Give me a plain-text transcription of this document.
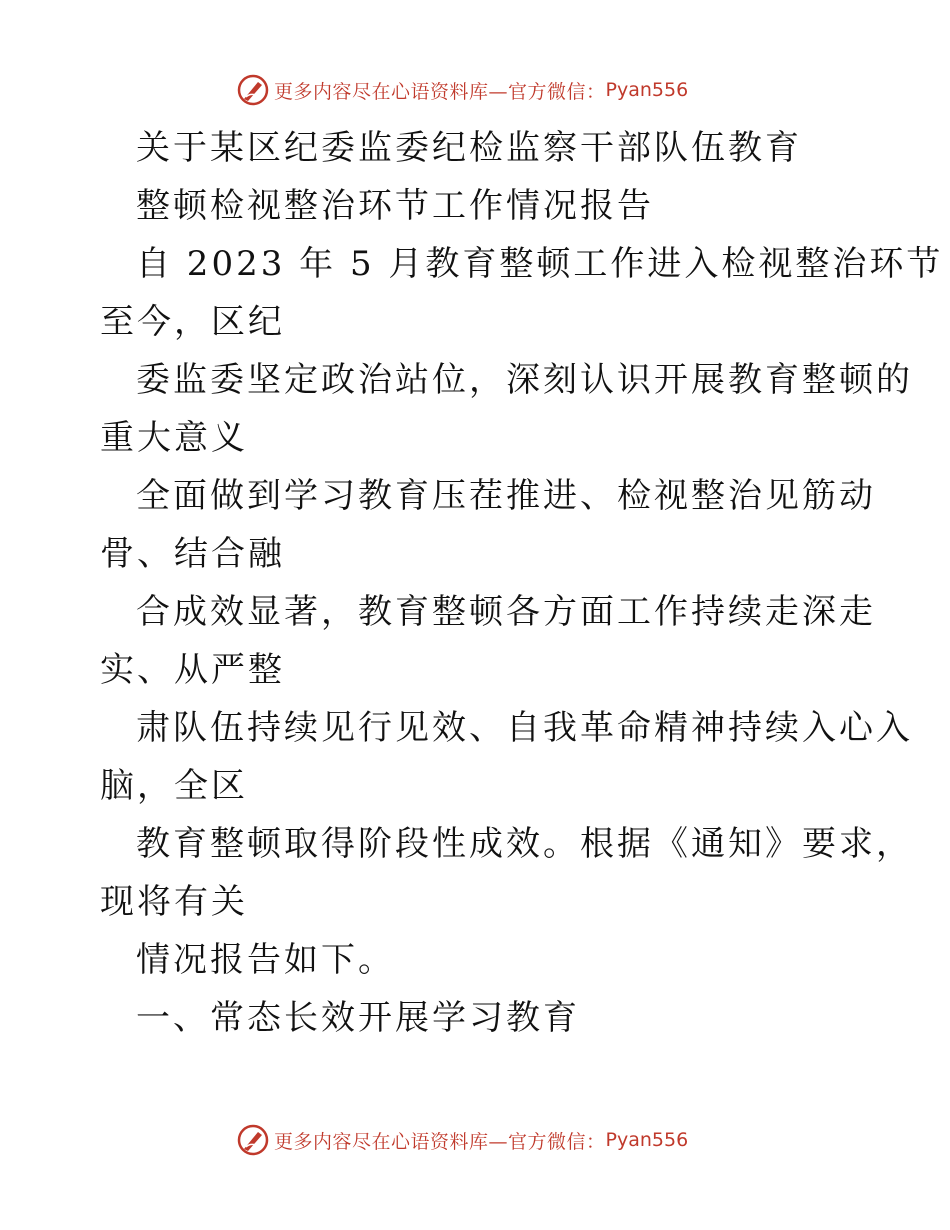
更多内容尽在心语资料库—官方微信： Pyan556
关于某区纪委监委纪检监察干部队伍教育
整顿检视整治环节工作情况报告
自 2023 年 5 月教育整顿工作进入检视整治环节
至今，区纪
委监委坚定政治站位，深刻认识开展教育整顿的
重大意义
全面做到学习教育压茬推进、检视整治见筋动
骨、结合融
合成效显著，教育整顿各方面工作持续走深走
实、从严整
肃队伍持续见行见效、自我革命精神持续入心入
脑，全区
教育整顿取得阶段性成效。根据《通知》要求，
现将有关
情况报告如下。
一、常态长效开展学习教育
更多内容尽在心语资料库—官方微信： Pyan556
